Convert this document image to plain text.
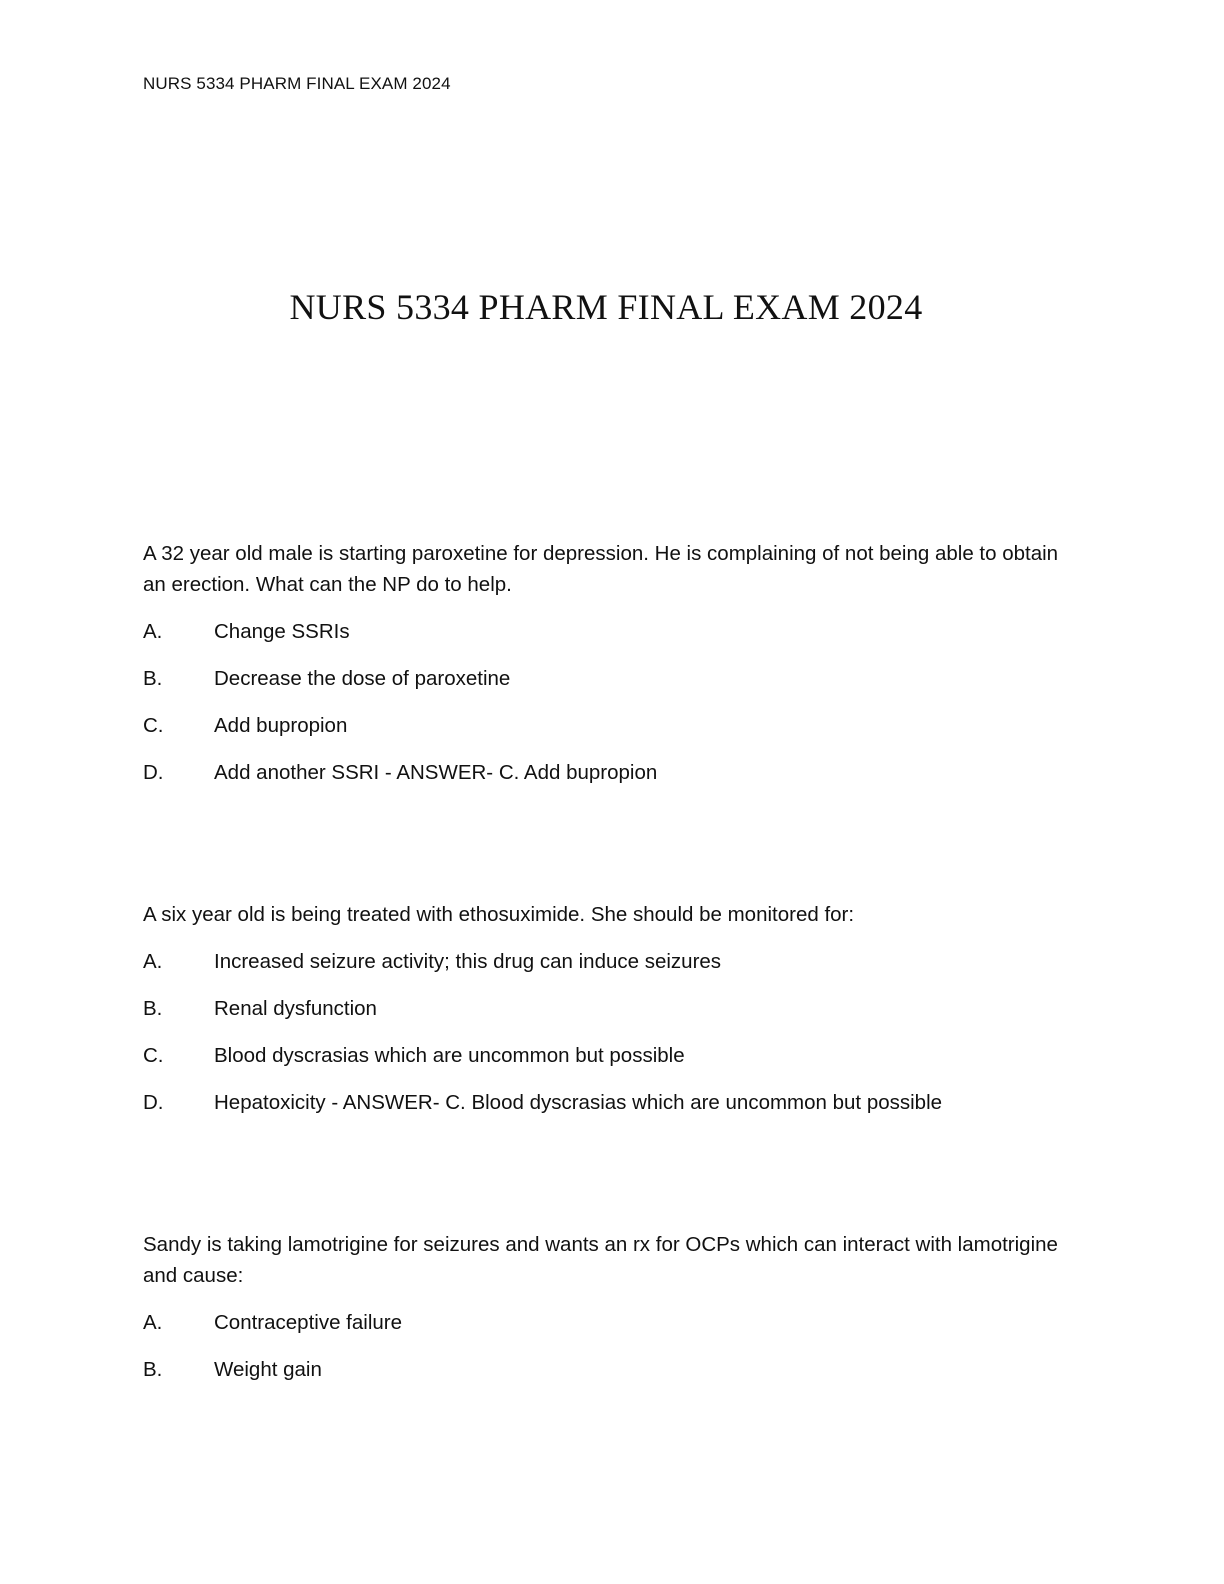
NURS 5334 PHARM FINAL EXAM 2024
NURS 5334 PHARM FINAL EXAM 2024

A 32 year old male is starting paroxetine for depression. He is complaining of not being able to obtain an erection. What can the NP do to help.

A.	Change SSRIs
B.	Decrease the dose of paroxetine
C.	Add bupropion
D.	Add another SSRI - ANSWER- C. Add bupropion

A six year old is being treated with ethosuximide. She should be monitored for:

A.	Increased seizure activity; this drug can induce seizures
B.	Renal dysfunction
C.	Blood dyscrasias which are uncommon but possible
D.	Hepatoxicity - ANSWER- C. Blood dyscrasias which are uncommon but possible

Sandy is taking lamotrigine for seizures and wants an rx for OCPs which can interact with lamotrigine and cause:

A.	Contraceptive failure
B.	Weight gain
